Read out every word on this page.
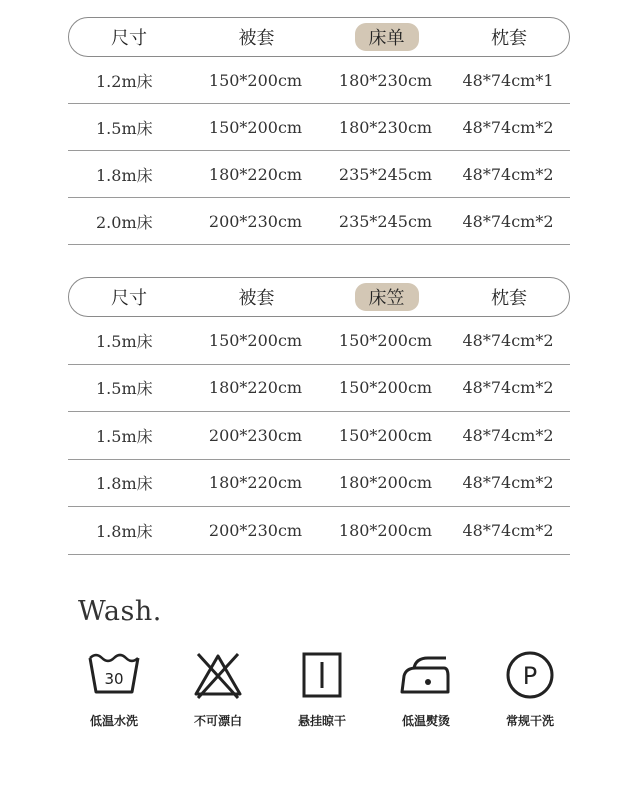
尺寸	被套	床单	枕套
1.2m床	150*200cm	180*230cm	48*74cm*1
1.5m床	150*200cm	180*230cm	48*74cm*2
1.8m床	180*220cm	235*245cm	48*74cm*2
2.0m床	200*230cm	235*245cm	48*74cm*2
尺寸	被套	床笠	枕套
1.5m床	150*200cm	150*200cm	48*74cm*2
1.5m床	180*220cm	150*200cm	48*74cm*2
1.5m床	200*230cm	150*200cm	48*74cm*2
1.8m床	180*220cm	180*200cm	48*74cm*2
1.8m床	200*230cm	180*200cm	48*74cm*2
Wash.
30
低温水洗	不可漂白	悬挂晾干	低温熨烫
P
常规干洗
